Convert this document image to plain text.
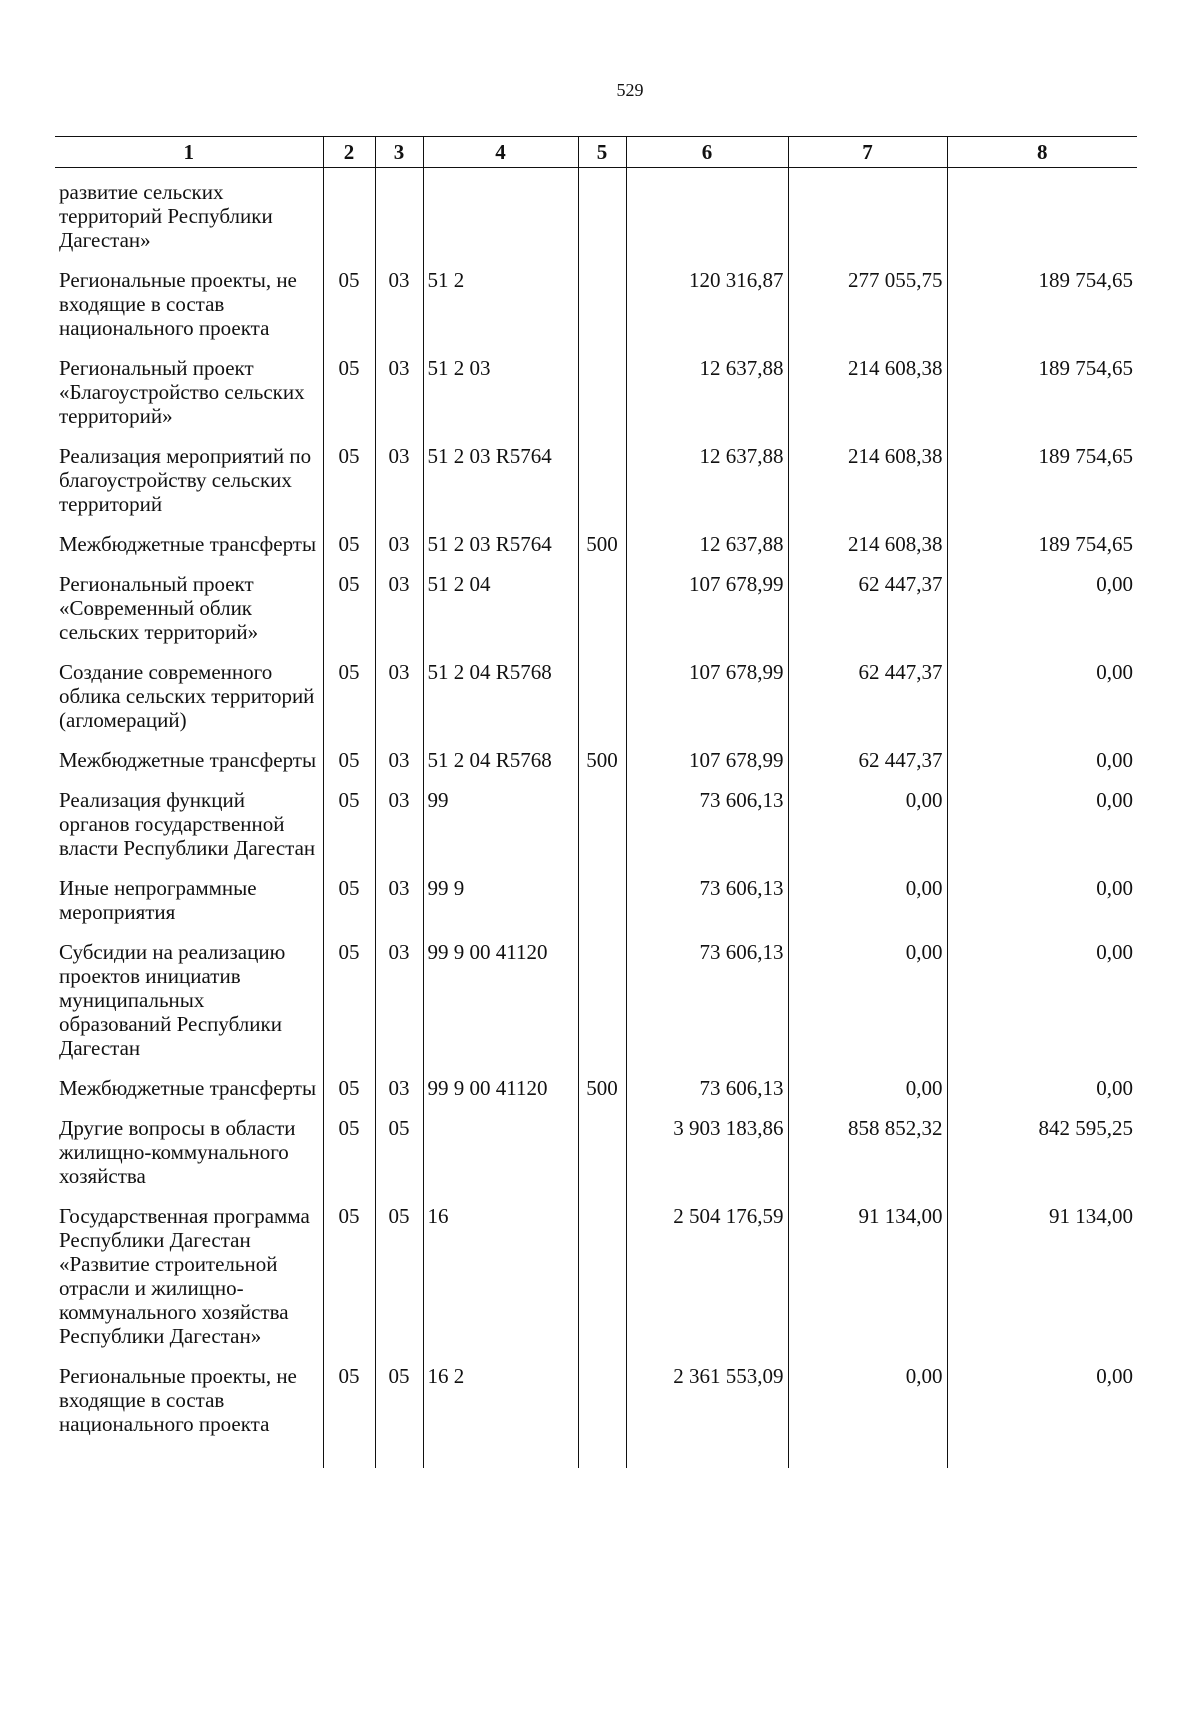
529
1	2	3	4	5	6	7	8
развитие сельских территорий Республики Дагестан»							
Региональные проекты, не входящие в состав национального проекта	05	03	51 2		120 316,87	277 055,75	189 754,65
Региональный проект «Благоустройство сельских территорий»	05	03	51 2 03		12 637,88	214 608,38	189 754,65
Реализация мероприятий по благоустройству сельских территорий	05	03	51 2 03 R5764		12 637,88	214 608,38	189 754,65
Межбюджетные трансферты	05	03	51 2 03 R5764	500	12 637,88	214 608,38	189 754,65
Региональный проект «Современный облик сельских территорий»	05	03	51 2 04		107 678,99	62 447,37	0,00
Создание современного облика сельских территорий (агломераций)	05	03	51 2 04 R5768		107 678,99	62 447,37	0,00
Межбюджетные трансферты	05	03	51 2 04 R5768	500	107 678,99	62 447,37	0,00
Реализация функций органов государственной власти Республики Дагестан	05	03	99		73 606,13	0,00	0,00
Иные непрограммные мероприятия	05	03	99 9		73 606,13	0,00	0,00
Субсидии на реализацию проектов инициатив муниципальных образований Республики Дагестан	05	03	99 9 00 41120		73 606,13	0,00	0,00
Межбюджетные трансферты	05	03	99 9 00 41120	500	73 606,13	0,00	0,00
Другие вопросы в области жилищно-коммунального хозяйства	05	05			3 903 183,86	858 852,32	842 595,25
Государственная программа Республики Дагестан «Развитие строительной отрасли и жилищно-коммунального хозяйства Республики Дагестан»	05	05	16		2 504 176,59	91 134,00	91 134,00
Региональные проекты, не входящие в состав национального проекта	05	05	16 2		2 361 553,09	0,00	0,00
